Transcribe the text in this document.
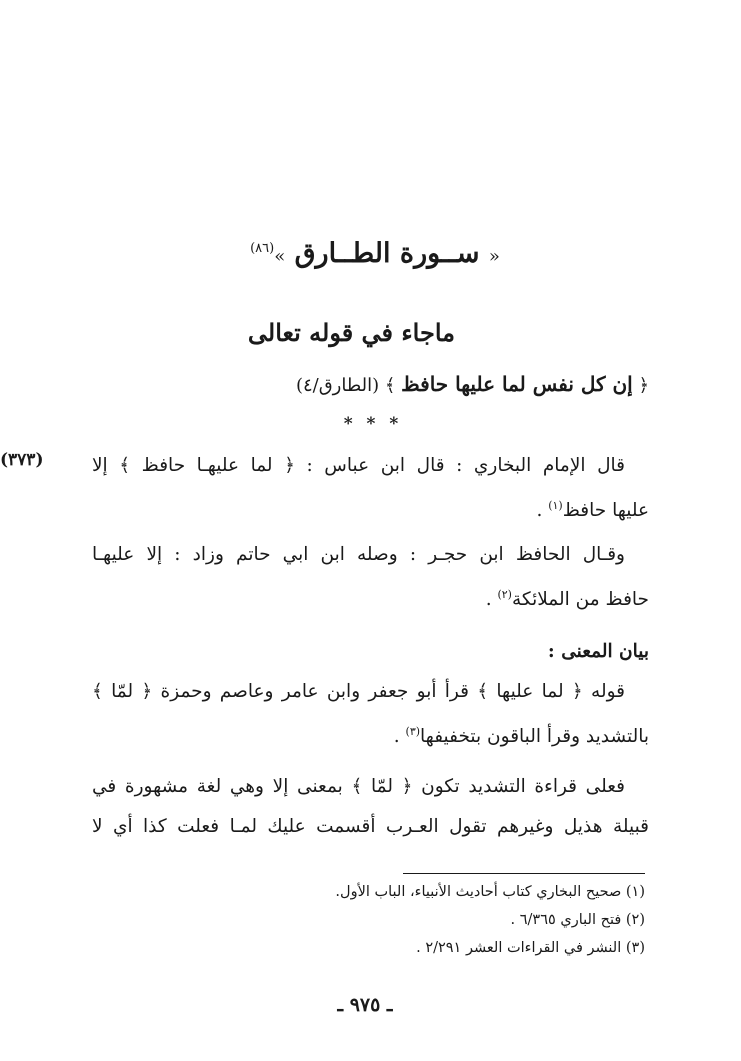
« ســورة الطــارق »$^{(٨٦)}$
ماجاء في قوله تعالى
﴿ إن كل نفس لما عليها حافظ ﴾ (الطارق/٤)
* * *
(٣٧٣)	قال الإمام البخاري : قال ابن عباس : ﴿ لما عليهـا حافظ ﴾ إلا
عليها حافظ$^{(١)}$ .
وقـال الحافظ ابن حجـر : وصله ابن ابي حاتم وزاد : إلا عليهـا
حافظ من الملائكة$^{(٢)}$ .
بيان المعنى :
قوله ﴿ لما عليها ﴾ قرأ أبو جعفر وابن عامر وعاصم وحمزة ﴿ لمّا ﴾
بالتشديد وقرأ الباقون بتخفيفها$^{(٣)}$ .
فعلى قراءة التشديد تكون ﴿ لمّا ﴾ بمعنى إلا وهي لغة مشهورة في
قبيلة هذيل وغيرهم تقول العـرب أقسمت عليك لمـا فعلت كذا أي لا
(١) صحيح البخاري كتاب أحاديث الأنبياء، الباب الأول.
(٢) فتح الباري ٦/٣٦٥ .
(٣) النشر في القراءات العشر ٢/٢٩١ .
ـ ٩٧٥ ـ
